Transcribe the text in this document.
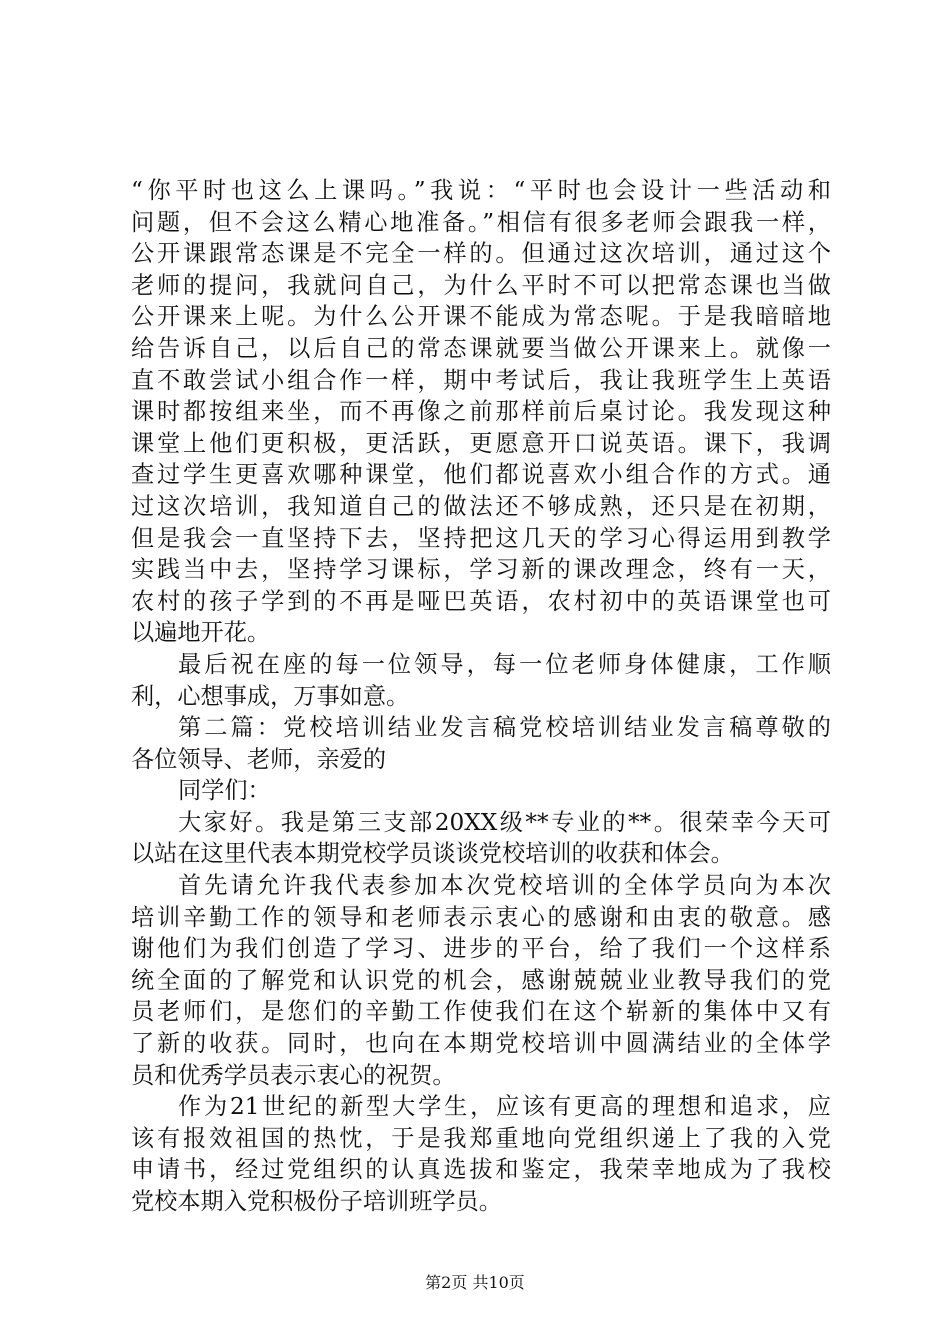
“你平时也这么上课吗。”我说：“平时也会设计一些活动和
问题，但不会这么精心地准备。”相信有很多老师会跟我一样，
公开课跟常态课是不完全一样的。但通过这次培训，通过这个
老师的提问，我就问自己，为什么平时不可以把常态课也当做
公开课来上呢。为什么公开课不能成为常态呢。于是我暗暗地
给告诉自己，以后自己的常态课就要当做公开课来上。就像一
直不敢尝试小组合作一样，期中考试后，我让我班学生上英语
课时都按组来坐，而不再像之前那样前后桌讨论。我发现这种
课堂上他们更积极，更活跃，更愿意开口说英语。课下，我调
查过学生更喜欢哪种课堂，他们都说喜欢小组合作的方式。通
过这次培训，我知道自己的做法还不够成熟，还只是在初期，
但是我会一直坚持下去，坚持把这几天的学习心得运用到教学
实践当中去，坚持学习课标，学习新的课改理念，终有一天，
农村的孩子学到的不再是哑巴英语，农村初中的英语课堂也可
以遍地开花。
最后祝在座的每一位领导，每一位老师身体健康，工作顺
利，心想事成，万事如意。
第二篇：党校培训结业发言稿党校培训结业发言稿尊敬的
各位领导、老师，亲爱的
同学们：
大家好。我是第三支部20XX级**专业的**。很荣幸今天可
以站在这里代表本期党校学员谈谈党校培训的收获和体会。
首先请允许我代表参加本次党校培训的全体学员向为本次
培训辛勤工作的领导和老师表示衷心的感谢和由衷的敬意。感
谢他们为我们创造了学习、进步的平台，给了我们一个这样系
统全面的了解党和认识党的机会，感谢兢兢业业教导我们的党
员老师们，是您们的辛勤工作使我们在这个崭新的集体中又有
了新的收获。同时，也向在本期党校培训中圆满结业的全体学
员和优秀学员表示衷心的祝贺。
作为21世纪的新型大学生，应该有更高的理想和追求，应
该有报效祖国的热忱，于是我郑重地向党组织递上了我的入党
申请书，经过党组织的认真选拔和鉴定，我荣幸地成为了我校
党校本期入党积极份子培训班学员。
第2页 共10页
